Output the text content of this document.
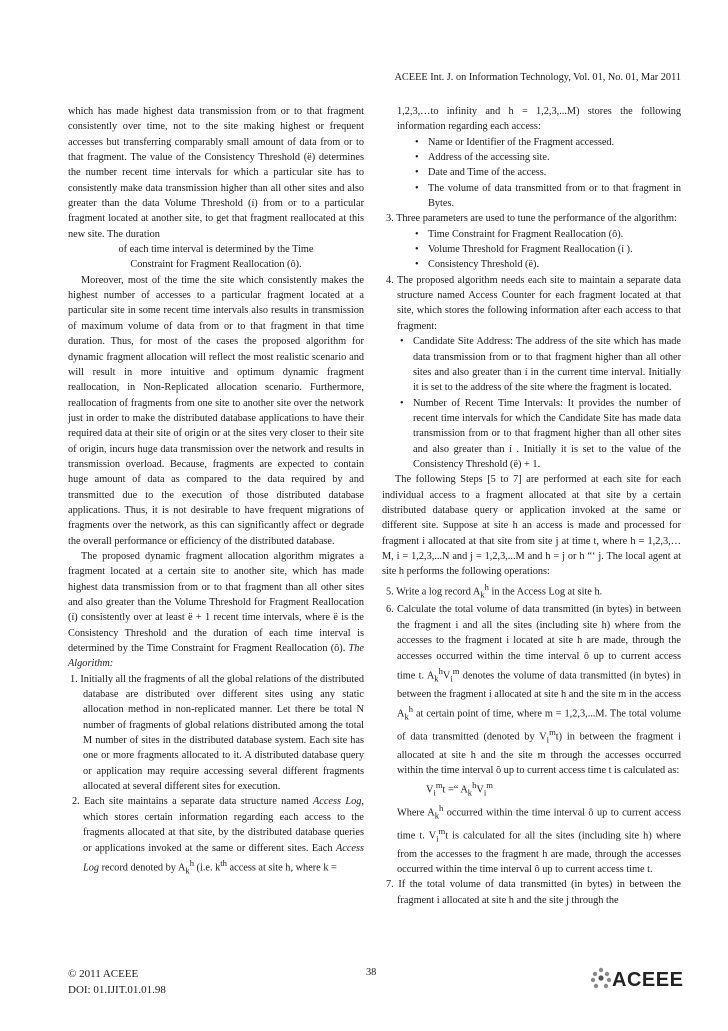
ACEEE Int. J. on Information Technology, Vol. 01, No. 01, Mar 2011

which has made highest data transmission from or to that fragment consistently over time, not to the site making highest or frequent accesses but transferring comparably small amount of data from or to that fragment. The value of the Consistency Threshold (ë) determines the number recent time intervals for which a particular site has to consistently make data transmission higher than all other sites and also greater than the data Volume Threshold (í) from or to a particular fragment located at another site, to get that fragment reallocated at this new site. The duration

of each time interval is determined by the Time

Constraint for Fragment Reallocation (ô).

Moreover, most of the time the site which consistently makes the highest number of accesses to a particular fragment located at a particular site in some recent time intervals also results in transmission of maximum volume of data from or to that fragment in that time duration. Thus, for most of the cases the proposed algorithm for dynamic fragment allocation will reflect the most realistic scenario and will result in more intuitive and optimum dynamic fragment reallocation, in Non-Replicated allocation scenario. Furthermore, reallocation of fragments from one site to another site over the network just in order to make the distributed database applications to have their required data at their site of origin or at the sites very closer to their site of origin, incurs huge data transmission over the network and results in transmission overload. Because, fragments are expected to contain huge amount of data as compared to the data required by and transmitted due to the execution of those distributed database applications. Thus, it is not desirable to have frequent migrations of fragments over the network, as this can significantly affect or degrade the overall performance or efficiency of the distributed database.

The proposed dynamic fragment allocation algorithm migrates a fragment located at a certain site to another site, which has made highest data transmission from or to that fragment than all other sites and also greater than the Volume Threshold for Fragment Reallocation (í) consistently over at least ë + 1 recent time intervals, where ë is the Consistency Threshold and the duration of each time interval is determined by the Time Constraint for Fragment Reallocation (ô). The Algorithm:

1. Initially all the fragments of all the global relations of the distributed database are distributed over different sites using any static allocation method in non-replicated manner. Let there be total N number of fragments of global relations distributed among the total M number of sites in the distributed database system. Each site has one or more fragments allocated to it. A distributed database query or application may require accessing several different fragments allocated at several different sites for execution.

2. Each site maintains a separate data structure named Access Log, which stores certain information regarding each access to the fragments allocated at that site, by the distributed database queries or applications invoked at the same or different sites. Each Access Log record denoted by $A_k^h$ (i.e. $k^{th}$ access at site h, where k =

1,2,3,…to infinity and h = 1,2,3,...M) stores the following information regarding each access:

• Name or Identifier of the Fragment accessed.

• Address of the accessing site.

• Date and Time of the access.

• The volume of data transmitted from or to that fragment in Bytes.

3. Three parameters are used to tune the performance of the algorithm:

• Time Constraint for Fragment Reallocation (ô).

• Volume Threshold for Fragment Reallocation (í ).

• Consistency Threshold (ë).

4. The proposed algorithm needs each site to maintain a separate data structure named Access Counter for each fragment located at that site, which stores the following information after each access to that fragment:

• Candidate Site Address: The address of the site which has made data transmission from or to that fragment higher than all other sites and also greater than í in the current time interval. Initially it is set to the address of the site where the fragment is located.

• Number of Recent Time Intervals: It provides the number of recent time intervals for which the Candidate Site has made data transmission from or to that fragment higher than all other sites and also greater than í . Initially it is set to the value of the Consistency Threshold (ë) + 1.

The following Steps [5 to 7] are performed at each site for each individual access to a fragment allocated at that site by a certain distributed database query or application invoked at the same or different site. Suppose at site h an access is made and processed for fragment i allocated at that site from site j at time t, where h = 1,2,3,…M, i = 1,2,3,...N and j = 1,2,3,...M and h = j or h “‘ j. The local agent at site h performs the following operations:

5. Write a log record $A_k^h$ in the Access Log at site h.

6. Calculate the total volume of data transmitted (in bytes) in between the fragment i and all the sites (including site h) where from the accesses to the fragment i located at site h are made, through the accesses occurred within the time interval ô up to current access time t. $A_k^hV_i^m$ denotes the volume of data transmitted (in bytes) in between the fragment i allocated at site h and the site m in the access $A_k^h$ at certain point of time, where m = 1,2,3,...M. The total volume of data transmitted (denoted by $V_i^mt$) in between the fragment i allocated at site h and the site m through the accesses occurred within the time interval ô up to current access time t is calculated as:

$V_i^mt$ =“ $A_k^hV_i^m$

Where $A_k^h$ occurred within the time interval ô up to current access time t. $V_i^mt$ is calculated for all the sites (including site h) where from the accesses to the fragment h are made, through the accesses occurred within the time interval ô up to current access time t.

7. If the total volume of data transmitted (in bytes) in between the fragment i allocated at site h and the site j through the

© 2011 ACEEE
DOI: 01.IJIT.01.01.98
38	ACEEE
